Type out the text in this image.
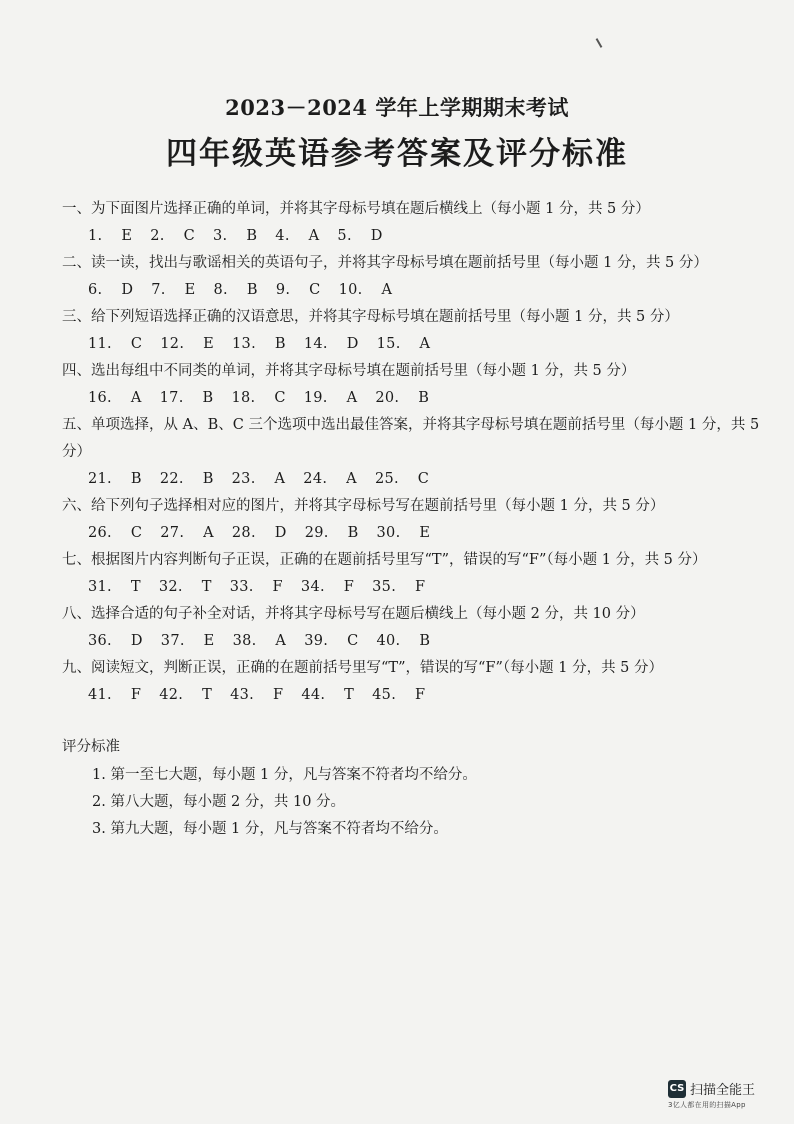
2023－2024 学年上学期期末考试
四年级英语参考答案及评分标准
一、为下面图片选择正确的单词，并将其字母标号填在题后横线上（每小题 1 分，共 5 分）
1. E 2. C 3. B 4. A 5. D
二、读一读，找出与歌谣相关的英语句子，并将其字母标号填在题前括号里（每小题 1 分，共 5 分）
6. D 7. E 8. B 9. C 10. A
三、给下列短语选择正确的汉语意思，并将其字母标号填在题前括号里（每小题 1 分，共 5 分）
11. C 12. E 13. B 14. D 15. A
四、选出每组中不同类的单词，并将其字母标号填在题前括号里（每小题 1 分，共 5 分）
16. A 17. B 18. C 19. A 20. B
五、单项选择，从 A、B、C 三个选项中选出最佳答案，并将其字母标号填在题前括号里（每小题 1 分，共 5 分）
21. B 22. B 23. A 24. A 25. C
六、给下列句子选择相对应的图片，并将其字母标号写在题前括号里（每小题 1 分，共 5 分）
26. C 27. A 28. D 29. B 30. E
七、根据图片内容判断句子正误，正确的在题前括号里写“T”，错误的写“F”（每小题 1 分，共 5 分）
31. T 32. T 33. F 34. F 35. F
八、选择合适的句子补全对话，并将其字母标号写在题后横线上（每小题 2 分，共 10 分）
36. D 37. E 38. A 39. C 40. B
九、阅读短文，判断正误，正确的在题前括号里写“T”，错误的写“F”（每小题 1 分，共 5 分）
41. F 42. T 43. F 44. T 45. F
评分标准
1. 第一至七大题，每小题 1 分，凡与答案不符者均不给分。
2. 第八大题，每小题 2 分，共 10 分。
3. 第九大题，每小题 1 分，凡与答案不符者均不给分。
CS 扫描全能王
3亿人都在用的扫描App
